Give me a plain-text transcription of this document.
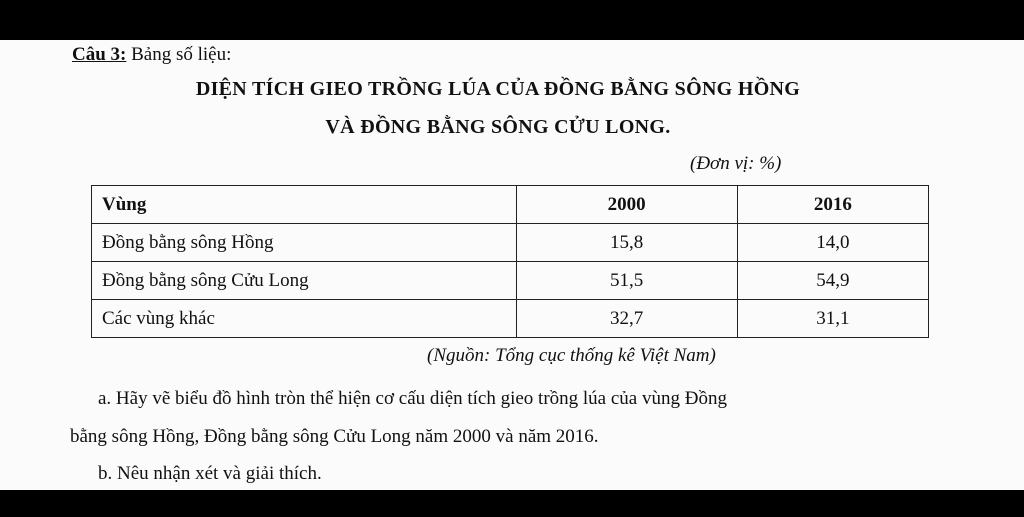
Câu 3: Bảng số liệu:
DIỆN TÍCH GIEO TRỒNG LÚA CỦA ĐỒNG BẰNG SÔNG HỒNG
VÀ ĐỒNG BẰNG SÔNG CỬU LONG.
(Đơn vị: %)
Vùng	2000	2016
Đồng bằng sông Hồng	15,8	14,0
Đồng bằng sông Cửu Long	51,5	54,9
Các vùng khác	32,7	31,1
(Nguồn: Tổng cục thống kê Việt Nam)
a. Hãy vẽ biểu đồ hình tròn thể hiện cơ cấu diện tích gieo trồng lúa của vùng Đồng
bằng sông Hồng, Đồng bằng sông Cửu Long năm 2000 và năm 2016.
b. Nêu nhận xét và giải thích.
